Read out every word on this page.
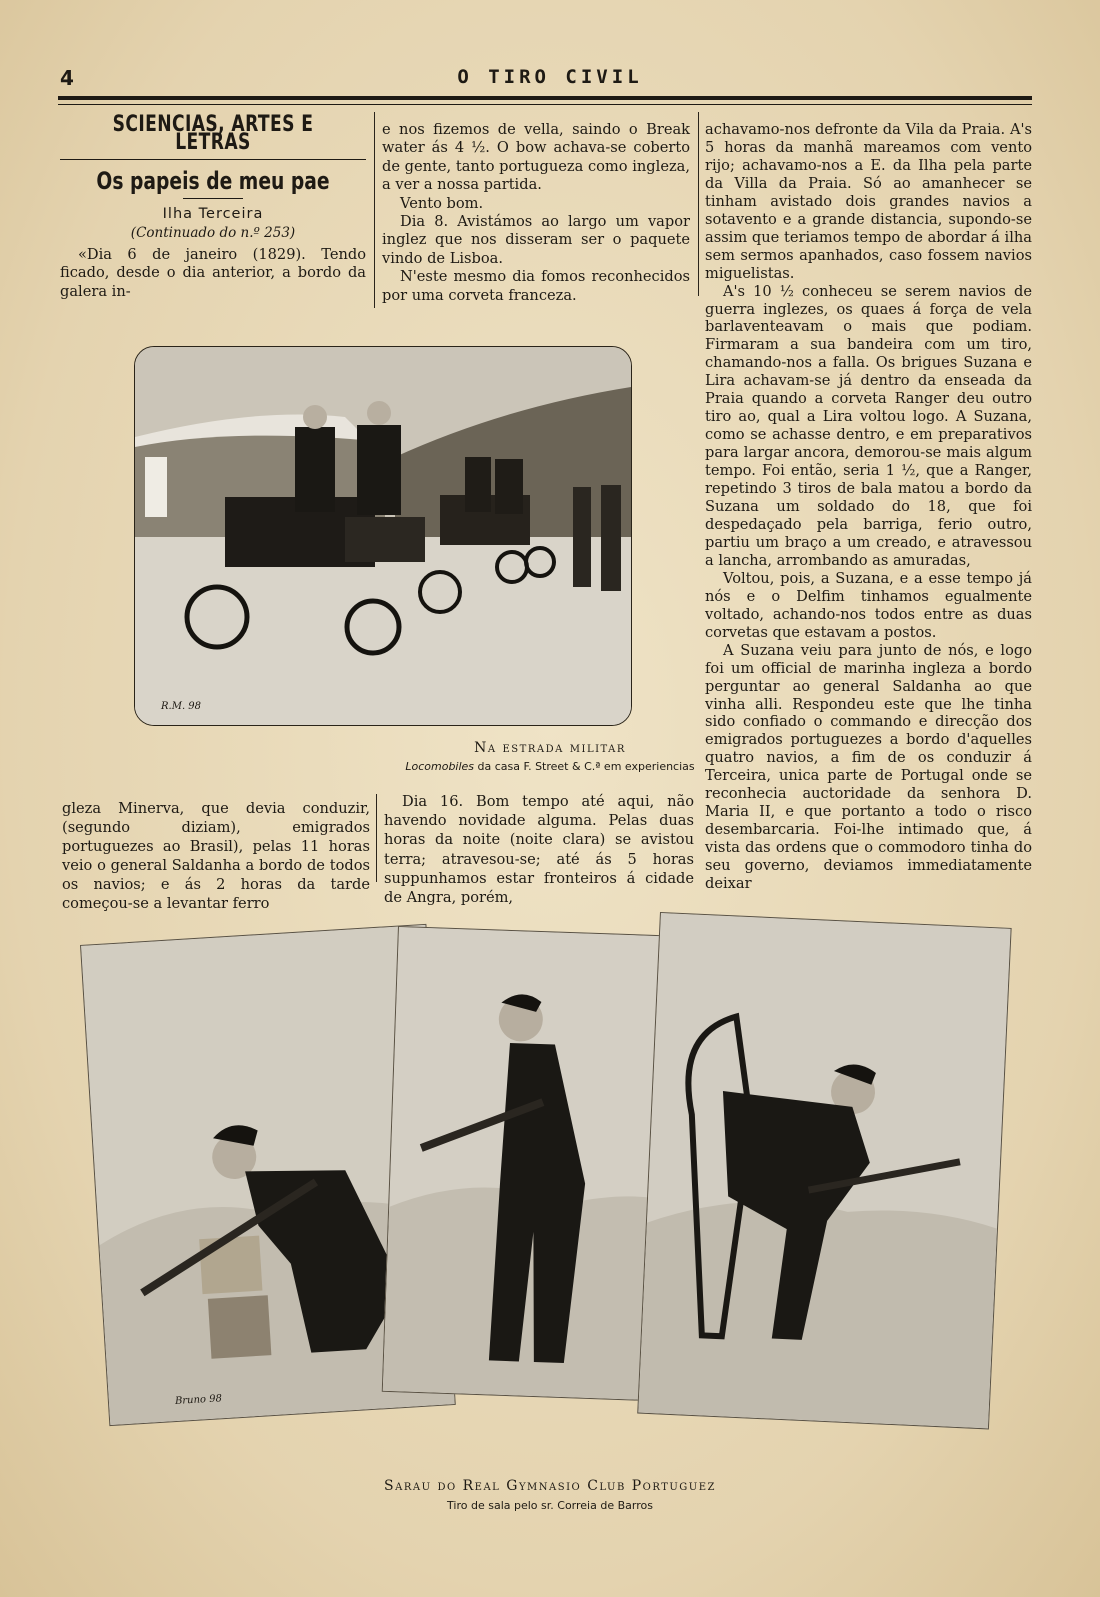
4	O TIRO CIVIL
SCIENCIAS, ARTES E LETRAS
Os papeis de meu pae
Ilha Terceira

(Continuado do n.º 253)

«Dia 6 de janeiro (1829). Tendo ficado, desde o dia anterior, a bordo da galera in-

e nos fizemos de vella, saindo o Break water ás 4 ½. O bow achava-se coberto de gente, tanto portugueza como ingleza, a ver a nossa partida.

Vento bom.

Dia 8. Avistámos ao largo um vapor inglez que nos disseram ser o paquete vindo de Lisboa.

N'este mesmo dia fomos reconhecidos por uma corveta franceza.

achavamo-nos defronte da Vila da Praia. A's 5 horas da manhã mareamos com vento rijo; achavamo-nos a E. da Ilha pela parte da Villa da Praia. Só ao amanhecer se tinham avistado dois grandes navios a sotavento e a grande distancia, supondo-se assim que teriamos tempo de abordar á ilha sem sermos apanhados, caso fossem navios miguelistas.

A's 10 ½ conheceu se serem navios de guerra inglezes, os quaes á força de vela barlaventeavam o mais que podiam. Firmaram a sua bandeira com um tiro, chamando-nos a falla. Os brigues Suzana e Lira achavam-se já dentro da enseada da Praia quando a corveta Ranger deu outro tiro ao, qual a Lira voltou logo. A Suzana, como se achasse dentro, e em preparativos para largar ancora, demorou-se mais algum tempo. Foi então, seria 1 ½, que a Ranger, repetindo 3 tiros de bala matou a bordo da Suzana um soldado do 18, que foi despedaçado pela barriga, ferio outro, partiu um braço a um creado, e atravessou a lancha, arrombando as amuradas,

Voltou, pois, a Suzana, e a esse tempo já nós e o Delfim tinhamos egualmente voltado, achando-nos todos entre as duas corvetas que estavam a postos.

A Suzana veiu para junto de nós, e logo foi um official de marinha ingleza a bordo perguntar ao general Saldanha ao que vinha alli. Respondeu este que lhe tinha sido confiado o commando e direcção dos emigrados portuguezes a bordo d'aquelles quatro navios, a fim de os conduzir á Terceira, unica parte de Portugal onde se reconhecia auctoridade da senhora D. Maria II, e que portanto a todo o risco desembarcaria. Foi-lhe intimado que, á vista das ordens que o commodoro tinha do seu governo, deviamos immediatamente deixar

R.M. 98
Na estrada militar
Locomobiles da casa F. Street & C.ª em experiencias

gleza Minerva, que devia conduzir, (segundo diziam), emigrados portuguezes ao Brasil), pelas 11 horas veio o general Saldanha a bordo de todos os navios; e ás 2 horas da tarde começou-se a levantar ferro

Dia 16. Bom tempo até aqui, não havendo novidade alguma. Pelas duas horas da noite (noite clara) se avistou terra; atravesou-se; até ás 5 horas suppunhamos estar fronteiros á cidade de Angra, porém,

Bruno 98
Sarau do Real Gymnasio Club Portuguez
Tiro de sala pelo sr. Correia de Barros
